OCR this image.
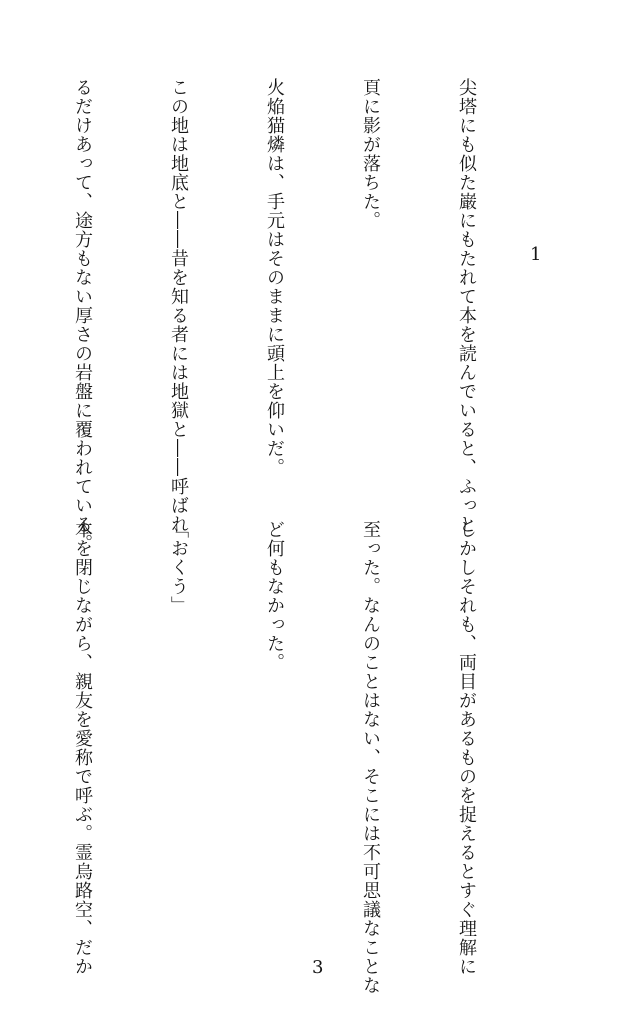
1

尖塔にも似た巌にもたれて本を読んでいると、ふっと

頁に影が落ちた。

火焔猫燐は、手元はそのままに頭上を仰いだ。

この地は地底と――昔を知る者には地獄と――呼ばれ

るだけあって、途方もない厚さの岩盤に覆われている。

しかしそれも、両目があるものを捉えるとすぐ理解に

至った。なんのことはない、そこには不可思議なことな

ど何もなかった。

「おくう」

本を閉じながら、親友を愛称で呼ぶ。霊烏路空、だか

	3
